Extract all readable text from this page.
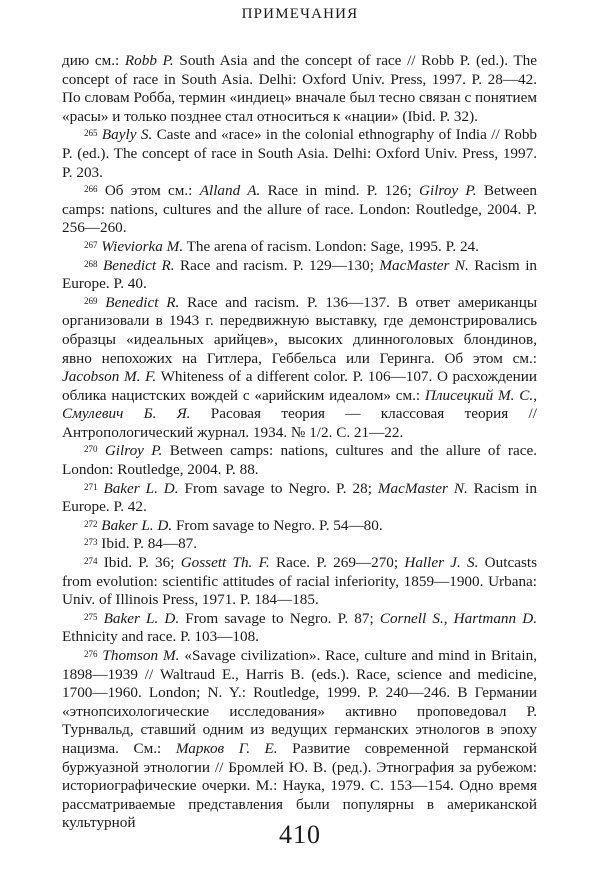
ПРИМЕЧАНИЯ

дию см.: Robb P. South Asia and the concept of race // Robb P. (ed.). The concept of race in South Asia. Delhi: Oxford Univ. Press, 1997. P. 28—42. По словам Робба, термин «индиец» вначале был тесно связан с понятием «расы» и только позднее стал относиться к «нации» (Ibid. P. 32).

$^{265}$ Bayly S. Caste and «race» in the colonial ethnography of India // Robb P. (ed.). The concept of race in South Asia. Delhi: Oxford Univ. Press, 1997. P. 203.

$^{266}$ Об этом см.: Alland A. Race in mind. P. 126; Gilroy P. Between camps: nations, cultures and the allure of race. London: Routledge, 2004. P. 256—260.

$^{267}$ Wieviorka M. The arena of racism. London: Sage, 1995. P. 24.

$^{268}$ Benedict R. Race and racism. P. 129—130; MacMaster N. Racism in Europe. P. 40.

$^{269}$ Benedict R. Race and racism. P. 136—137. В ответ американцы организовали в 1943 г. передвижную выставку, где демонстрировались образцы «идеальных арийцев», высоких длинноголовых блондинов, явно непохожих на Гитлера, Геббельса или Геринга. Об этом см.: Jacobson M. F. Whiteness of a different color. P. 106—107. О расхождении облика нацистских вождей с «арийским идеалом» см.: Плисецкий М. С., Смулевич Б. Я. Расовая теория — классовая теория // Антропологический журнал. 1934. № 1/2. С. 21—22.

$^{270}$ Gilroy P. Between camps: nations, cultures and the allure of race. London: Routledge, 2004. P. 88.

$^{271}$ Baker L. D. From savage to Negro. P. 28; MacMaster N. Racism in Europe. P. 42.

$^{272}$ Baker L. D. From savage to Negro. P. 54—80.

$^{273}$ Ibid. P. 84—87.

$^{274}$ Ibid. P. 36; Gossett Th. F. Race. P. 269—270; Haller J. S. Outcasts from evolution: scientific attitudes of racial inferiority, 1859—1900. Urbana: Univ. of Illinois Press, 1971. P. 184—185.

$^{275}$ Baker L. D. From savage to Negro. P. 87; Cornell S., Hartmann D. Ethnicity and race. P. 103—108.

$^{276}$ Thomson M. «Savage civilization». Race, culture and mind in Britain, 1898—1939 // Waltraud E., Harris B. (eds.). Race, science and medicine, 1700—1960. London; N. Y.: Routledge, 1999. P. 240—246. В Германии «этнопсихологические исследования» активно проповедовал Р. Турнвальд, ставший одним из ведущих германских этнологов в эпоху нацизма. См.: Марков Г. Е. Развитие современной германской буржуазной этнологии // Бромлей Ю. В. (ред.). Этнография за рубежом: историографические очерки. М.: Наука, 1979. С. 153—154. Одно время рассматриваемые представления были популярны в американской культурной	410
